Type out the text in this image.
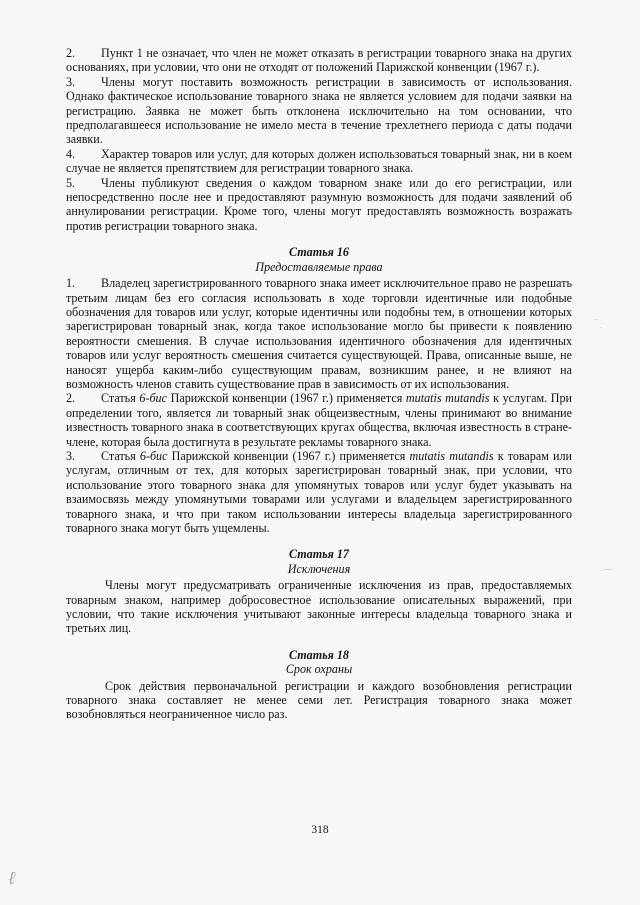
2. Пункт 1 не означает, что член не может отказать в регистрации товарного знака на других основаниях, при условии, что они не отходят от положений Парижской конвенции (1967 г.).

3. Члены могут поставить возможность регистрации в зависимость от использования. Однако фактическое использование товарного знака не является условием для подачи заявки на регистрацию. Заявка не может быть отклонена исключительно на том основании, что предполагавшееся использование не имело места в течение трехлетнего периода с даты подачи заявки.

4. Характер товаров или услуг, для которых должен использоваться товарный знак, ни в коем случае не является препятствием для регистрации товарного знака.

5. Члены публикуют сведения о каждом товарном знаке или до его регистрации, или непосредственно после нее и предоставляют разумную возможность для подачи заявлений об аннулировании регистрации. Кроме того, члены могут предоставлять возможность возражать против регистрации товарного знака.

Статья 16

Предоставляемые права

1. Владелец зарегистрированного товарного знака имеет исключительное право не разрешать третьим лицам без его согласия использовать в ходе торговли идентичные или подобные обозначения для товаров или услуг, которые идентичны или подобны тем, в отношении которых зарегистрирован товарный знак, когда такое использование могло бы привести к появлению вероятности смешения. В случае использования идентичного обозначения для идентичных товаров или услуг вероятность смешения считается существующей. Права, описанные выше, не наносят ущерба каким-либо существующим правам, возникшим ранее, и не влияют на возможность членов ставить существование прав в зависимость от их использования.

2. Статья 6-бис Парижской конвенции (1967 г.) применяется mutatis mutandis к услугам. При определении того, является ли товарный знак общеизвестным, члены принимают во внимание известность товарного знака в соответствующих кругах общества, включая известность в стране-члене, которая была достигнута в результате рекламы товарного знака.

3. Статья 6-бис Парижской конвенции (1967 г.) применяется mutatis mutandis к товарам или услугам, отличным от тех, для которых зарегистрирован товарный знак, при условии, что использование этого товарного знака для упомянутых товаров или услуг будет указывать на взаимосвязь между упомянутыми товарами или услугами и владельцем зарегистрированного товарного знака, и что при таком использовании интересы владельца зарегистрированного товарного знака могут быть ущемлены.

Статья 17

Исключения

Члены могут предусматривать ограниченные исключения из прав, предоставляемых товарным знаком, например добросовестное использование описательных выражений, при условии, что такие исключения учитывают законные интересы владельца товарного знака и третьих лиц.

Статья 18

Срок охраны

Срок действия первоначальной регистрации и каждого возобновления регистрации товарного знака составляет не менее семи лет. Регистрация товарного знака может возобновляться неограниченное число раз.

318
ˉ ˏ
⌒
ℓ
